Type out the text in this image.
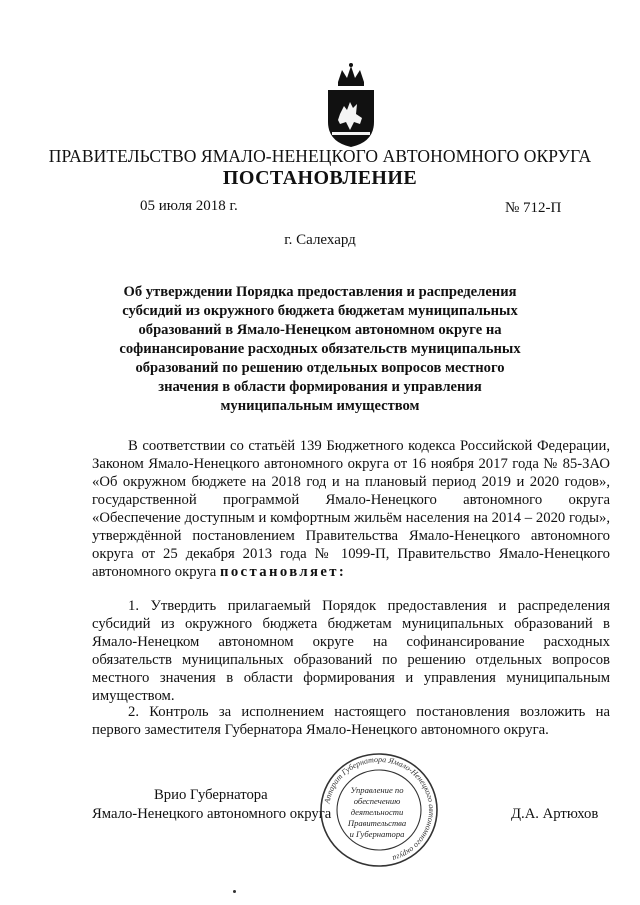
ПРАВИТЕЛЬСТВО ЯМАЛО-НЕНЕЦКОГО АВТОНОМНОГО ОКРУГА
ПОСТАНОВЛЕНИЕ
05 июля 2018 г.	№ 712-П
г. Салехард
Об утверждении Порядка предоставления и распределения субсидий из окружного бюджета бюджетам муниципальных образований в Ямало-Ненецком автономном округе на софинансирование расходных обязательств муниципальных образований по решению отдельных вопросов местного значения в области формирования и управления муниципальным имуществом
В соответствии со статьёй 139 Бюджетного кодекса Российской Федерации, Законом Ямало-Ненецкого автономного округа от 16 ноября 2017 года № 85-ЗАО «Об окружном бюджете на 2018 год и на плановый период 2019 и 2020 годов», государственной программой Ямало-Ненецкого автономного округа «Обеспечение доступным и комфортным жильём населения на 2014 – 2020 годы», утверждённой постановлением Правительства Ямало-Ненецкого автономного округа от 25 декабря 2013 года № 1099-П, Правительство Ямало-Ненецкого автономного округа постановляет:
1. Утвердить прилагаемый Порядок предоставления и распределения субсидий из окружного бюджета бюджетам муниципальных образований в Ямало-Ненецком автономном округе на софинансирование расходных обязательств муниципальных образований по решению отдельных вопросов местного значения в области формирования и управления муниципальным имуществом.
2. Контроль за исполнением настоящего постановления возложить на первого заместителя Губернатора Ямало-Ненецкого автономного округа.
Врио Губернатора
Ямало-Ненецкого автономного округа
Аппарат Губернатора Ямало-Ненецкого автономного округа
Управление по
обеспечению
деятельности
Правительства
и Губернатора
Д.А. Артюхов
